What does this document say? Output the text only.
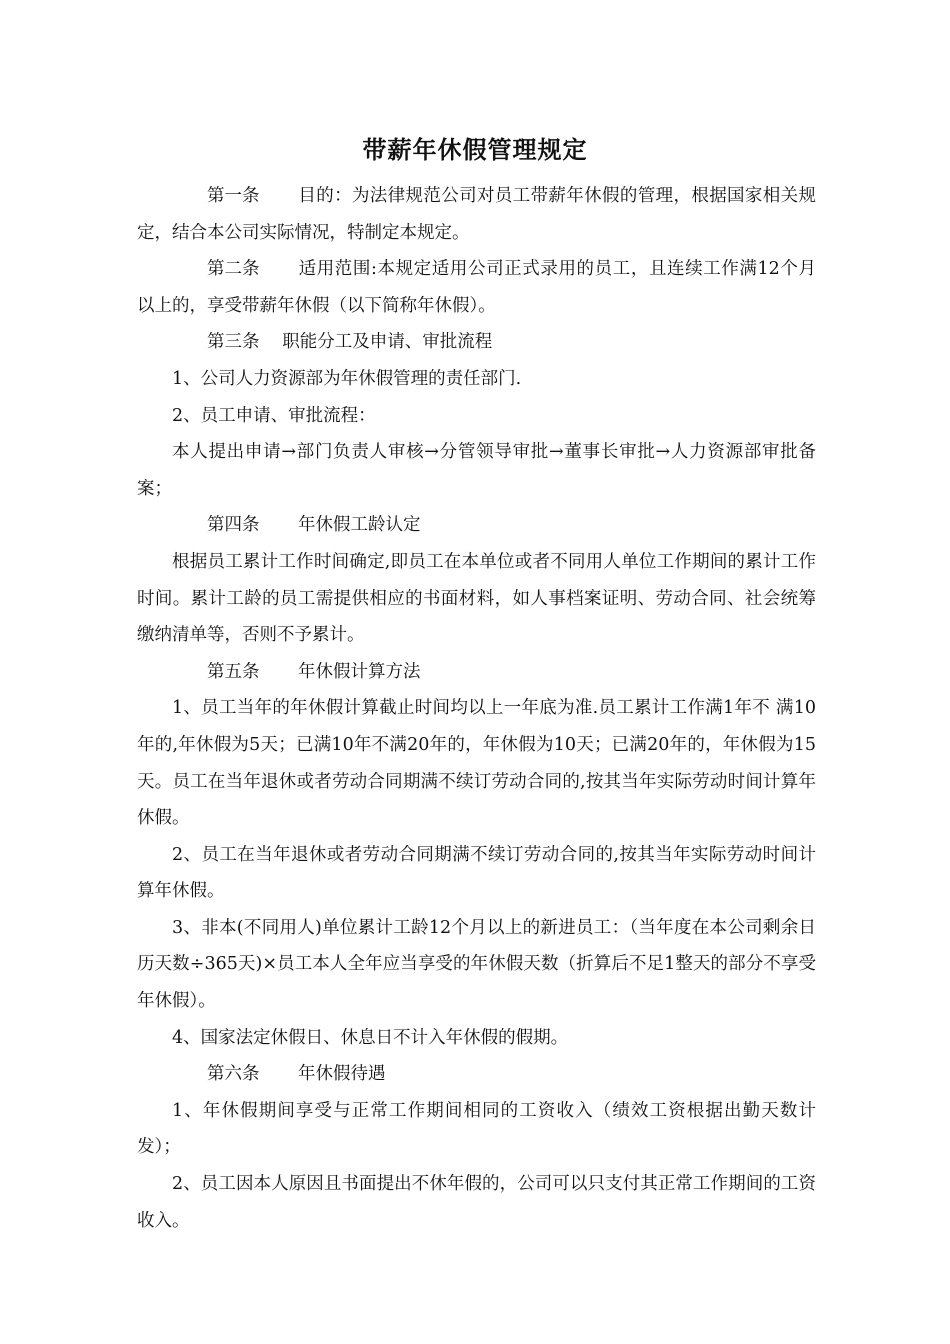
带薪年休假管理规定

第一条 目的：为法律规范公司对员工带薪年休假的管理，根据国家相关规定，结合本公司实际情况，特制定本规定。

第二条 适用范围:本规定适用公司正式录用的员工，且连续工作满12个月以上的，享受带薪年休假（以下简称年休假）。

第三条 职能分工及申请、审批流程

1、公司人力资源部为年休假管理的责任部门.

2、员工申请、审批流程：

本人提出申请→部门负责人审核→分管领导审批→董事长审批→人力资源部审批备案；

第四条 年休假工龄认定

根据员工累计工作时间确定,即员工在本单位或者不同用人单位工作期间的累计工作时间。累计工龄的员工需提供相应的书面材料，如人事档案证明、劳动合同、社会统筹缴纳清单等，否则不予累计。

第五条 年休假计算方法

1、员工当年的年休假计算截止时间均以上一年底为准.员工累计工作满1年不 满10年的,年休假为5天；已满10年不满20年的，年休假为10天；已满20年的，年休假为15天。员工在当年退休或者劳动合同期满不续订劳动合同的,按其当年实际劳动时间计算年休假。

2、员工在当年退休或者劳动合同期满不续订劳动合同的,按其当年实际劳动时间计算年休假。

3、非本(不同用人)单位累计工龄12个月以上的新进员工：（当年度在本公司剩余日历天数÷365天)×员工本人全年应当享受的年休假天数（折算后不足1整天的部分不享受年休假）。

4、国家法定休假日、休息日不计入年休假的假期。

第六条 年休假待遇

1、年休假期间享受与正常工作期间相同的工资收入（绩效工资根据出勤天数计发）；

2、员工因本人原因且书面提出不休年假的，公司可以只支付其正常工作期间的工资收入。
